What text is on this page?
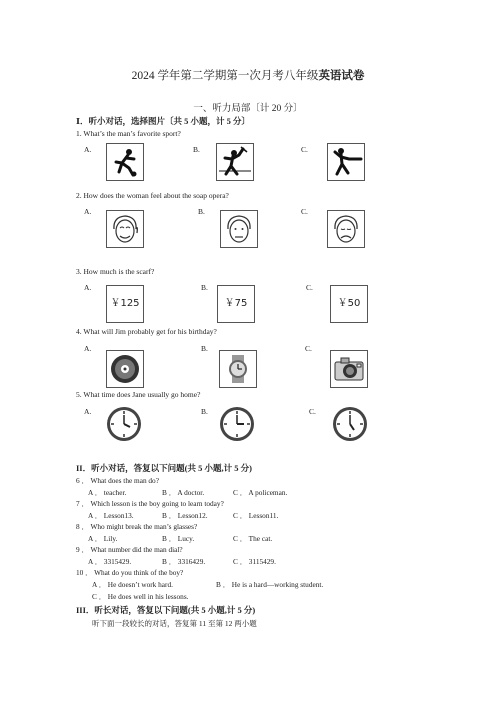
2024 学年第二学期第一次月考八年级英语试卷
一、听力局部〔计 20 分〕
Ⅰ．听小对话，选择图片〔共 5 小题，计 5 分〕
1. What’s the man’s favorite sport?
A.	B.	C.
2. How does the woman feel about the soap opera?
A.	B.	C.
3. How much is the scarf?
A.	B.	C.
￥125	￥75	￥50
4. What will Jim probably get for his birthday?
A.	B.	C.
5. What time does Jane usually go home?
A.	B.	C.
II．听小对话，答复以下问题(共 5 小题,计 5 分)
6 ． What does the man do?
A ． teacher.	B ． A doctor.	C ． A policeman.
7 ． Which lesson is the boy going to learn today?
A ． Lesson13.	B ． Lesson12.	C ． Lesson11.
8 ． Who might break the man’s glasses?
A ． Lily.	B ． Lucy.	C ． The cat.
9 ． What number did the man dial?
A ． 3315429.	B ． 3316429.	C ． 3115429.
10 ． What do you think of the boy?
A ． He doesn’t work hard.	B ． He is a hard—working student.
C ． He does well in his lessons.
III．听长对话，答复以下问题(共 5 小题,计 5 分)
听下面一段较长的对话，答复第 11 至第 12 两小题
